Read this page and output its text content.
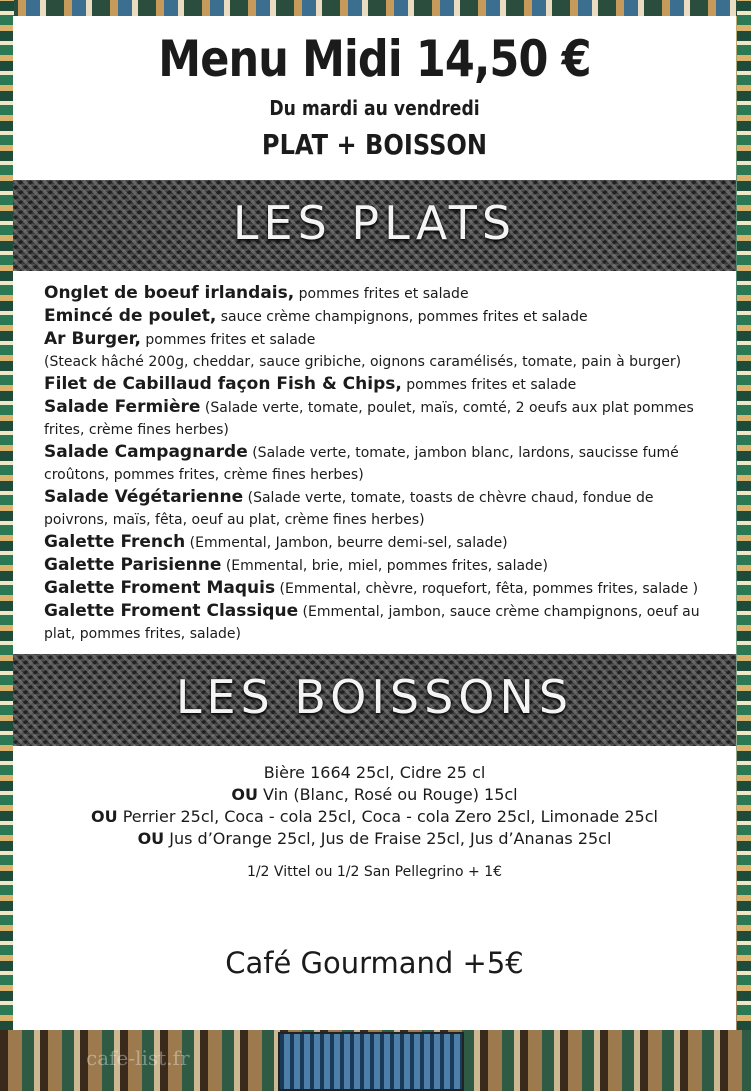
cafe-list.fr
Menu Midi 14,50 €
Du mardi au vendredi
PLAT + BOISSON
LES PLATS
Onglet de boeuf irlandais, pommes frites et salade
Emincé de poulet, sauce crème champignons, pommes frites et salade
Ar Burger, pommes frites et salade
(Steack hâché 200g, cheddar, sauce gribiche, oignons caramélisés, tomate, pain à burger)
Filet de Cabillaud façon Fish & Chips, pommes frites et salade
Salade Fermière (Salade verte, tomate, poulet, maïs, comté, 2 oeufs aux plat pommes frites, crème fines herbes)
Salade Campagnarde (Salade verte, tomate, jambon blanc, lardons, saucisse fumé croûtons, pommes frites, crème fines herbes)
Salade Végétarienne (Salade verte, tomate, toasts de chèvre chaud, fondue de poivrons, maïs, fêta, oeuf au plat, crème fines herbes)
Galette French (Emmental, Jambon, beurre demi-sel, salade)
Galette Parisienne (Emmental, brie, miel, pommes frites, salade)
Galette Froment Maquis (Emmental, chèvre, roquefort, fêta, pommes frites, salade )
Galette Froment Classique (Emmental, jambon, sauce crème champignons, oeuf au plat, pommes frites, salade)
LES BOISSONS
Bière 1664 25cl, Cidre 25 cl
OU Vin (Blanc, Rosé ou Rouge) 15cl
OU Perrier 25cl, Coca - cola 25cl, Coca - cola Zero 25cl, Limonade 25cl
OU Jus d’Orange 25cl, Jus de Fraise 25cl, Jus d’Ananas 25cl
1/2 Vittel ou 1/2 San Pellegrino + 1€
Café Gourmand +5€
